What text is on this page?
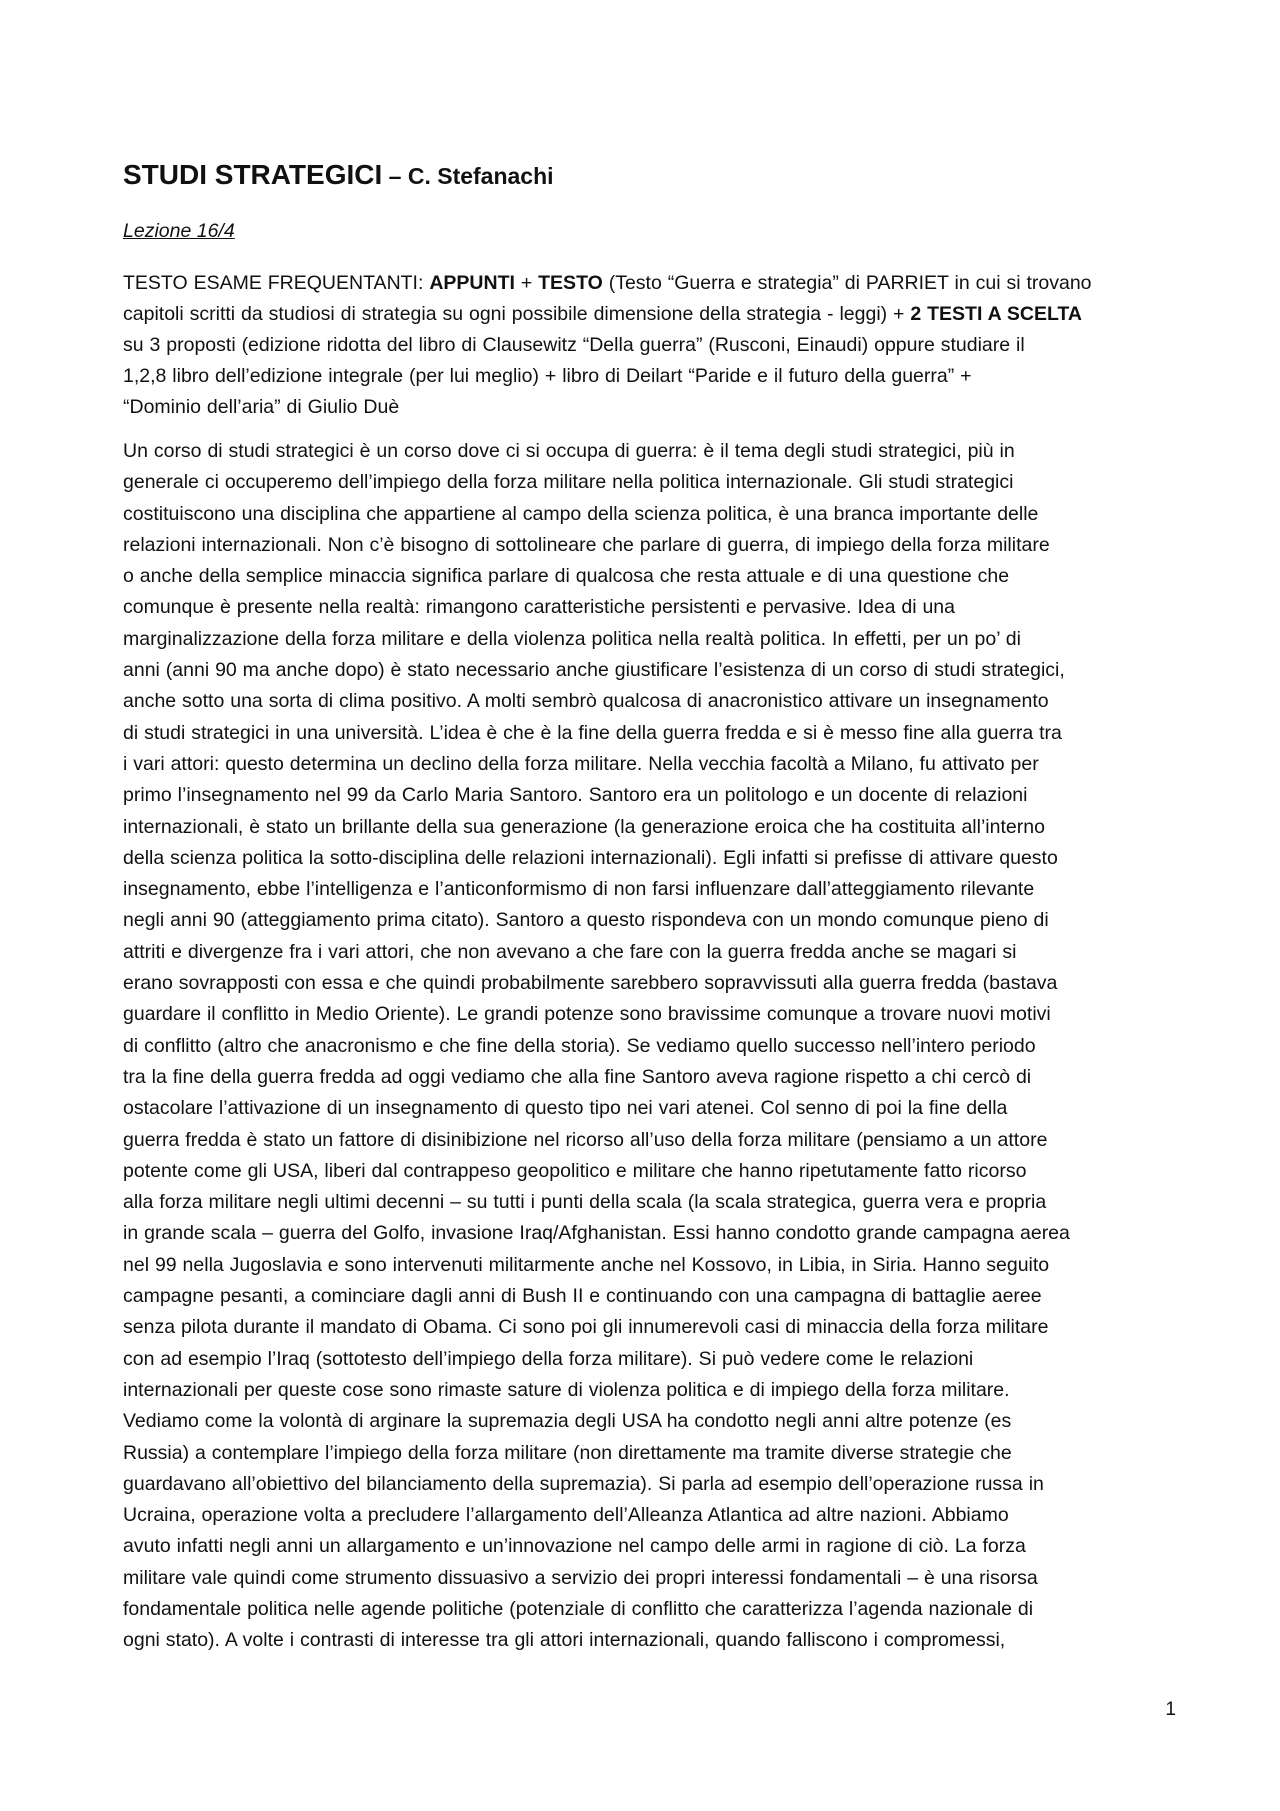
STUDI STRATEGICI – C. Stefanachi
Lezione 16/4
TESTO ESAME FREQUENTANTI: APPUNTI + TESTO (Testo “Guerra e strategia” di PARRIET in cui si trovano
capitoli scritti da studiosi di strategia su ogni possibile dimensione della strategia - leggi) + 2 TESTI A SCELTA
su 3 proposti (edizione ridotta del libro di Clausewitz “Della guerra” (Rusconi, Einaudi) oppure studiare il
1,2,8 libro dell’edizione integrale (per lui meglio) + libro di Deilart “Paride e il futuro della guerra” +
“Dominio dell’aria” di Giulio Duè
Un corso di studi strategici è un corso dove ci si occupa di guerra: è il tema degli studi strategici, più in
generale ci occuperemo dell’impiego della forza militare nella politica internazionale. Gli studi strategici
costituiscono una disciplina che appartiene al campo della scienza politica, è una branca importante delle
relazioni internazionali. Non c’è bisogno di sottolineare che parlare di guerra, di impiego della forza militare
o anche della semplice minaccia significa parlare di qualcosa che resta attuale e di una questione che
comunque è presente nella realtà: rimangono caratteristiche persistenti e pervasive. Idea di una
marginalizzazione della forza militare e della violenza politica nella realtà politica. In effetti, per un po’ di
anni (anni 90 ma anche dopo) è stato necessario anche giustificare l’esistenza di un corso di studi strategici,
anche sotto una sorta di clima positivo. A molti sembrò qualcosa di anacronistico attivare un insegnamento
di studi strategici in una università. L’idea è che è la fine della guerra fredda e si è messo fine alla guerra tra
i vari attori: questo determina un declino della forza militare. Nella vecchia facoltà a Milano, fu attivato per
primo l’insegnamento nel 99 da Carlo Maria Santoro. Santoro era un politologo e un docente di relazioni
internazionali, è stato un brillante della sua generazione (la generazione eroica che ha costituita all’interno
della scienza politica la sotto-disciplina delle relazioni internazionali). Egli infatti si prefisse di attivare questo
insegnamento, ebbe l’intelligenza e l’anticonformismo di non farsi influenzare dall’atteggiamento rilevante
negli anni 90 (atteggiamento prima citato). Santoro a questo rispondeva con un mondo comunque pieno di
attriti e divergenze fra i vari attori, che non avevano a che fare con la guerra fredda anche se magari si
erano sovrapposti con essa e che quindi probabilmente sarebbero sopravvissuti alla guerra fredda (bastava
guardare il conflitto in Medio Oriente). Le grandi potenze sono bravissime comunque a trovare nuovi motivi
di conflitto (altro che anacronismo e che fine della storia). Se vediamo quello successo nell’intero periodo
tra la fine della guerra fredda ad oggi vediamo che alla fine Santoro aveva ragione rispetto a chi cercò di
ostacolare l’attivazione di un insegnamento di questo tipo nei vari atenei. Col senno di poi la fine della
guerra fredda è stato un fattore di disinibizione nel ricorso all’uso della forza militare (pensiamo a un attore
potente come gli USA, liberi dal contrappeso geopolitico e militare che hanno ripetutamente fatto ricorso
alla forza militare negli ultimi decenni – su tutti i punti della scala (la scala strategica, guerra vera e propria
in grande scala – guerra del Golfo, invasione Iraq/Afghanistan. Essi hanno condotto grande campagna aerea
nel 99 nella Jugoslavia e sono intervenuti militarmente anche nel Kossovo, in Libia, in Siria. Hanno seguito
campagne pesanti, a cominciare dagli anni di Bush II e continuando con una campagna di battaglie aeree
senza pilota durante il mandato di Obama. Ci sono poi gli innumerevoli casi di minaccia della forza militare
con ad esempio l’Iraq (sottotesto dell’impiego della forza militare). Si può vedere come le relazioni
internazionali per queste cose sono rimaste sature di violenza politica e di impiego della forza militare.
Vediamo come la volontà di arginare la supremazia degli USA ha condotto negli anni altre potenze (es
Russia) a contemplare l’impiego della forza militare (non direttamente ma tramite diverse strategie che
guardavano all’obiettivo del bilanciamento della supremazia). Si parla ad esempio dell’operazione russa in
Ucraina, operazione volta a precludere l’allargamento dell’Alleanza Atlantica ad altre nazioni. Abbiamo
avuto infatti negli anni un allargamento e un’innovazione nel campo delle armi in ragione di ciò. La forza
militare vale quindi come strumento dissuasivo a servizio dei propri interessi fondamentali – è una risorsa
fondamentale politica nelle agende politiche (potenziale di conflitto che caratterizza l’agenda nazionale di
ogni stato). A volte i contrasti di interesse tra gli attori internazionali, quando falliscono i compromessi,
1
